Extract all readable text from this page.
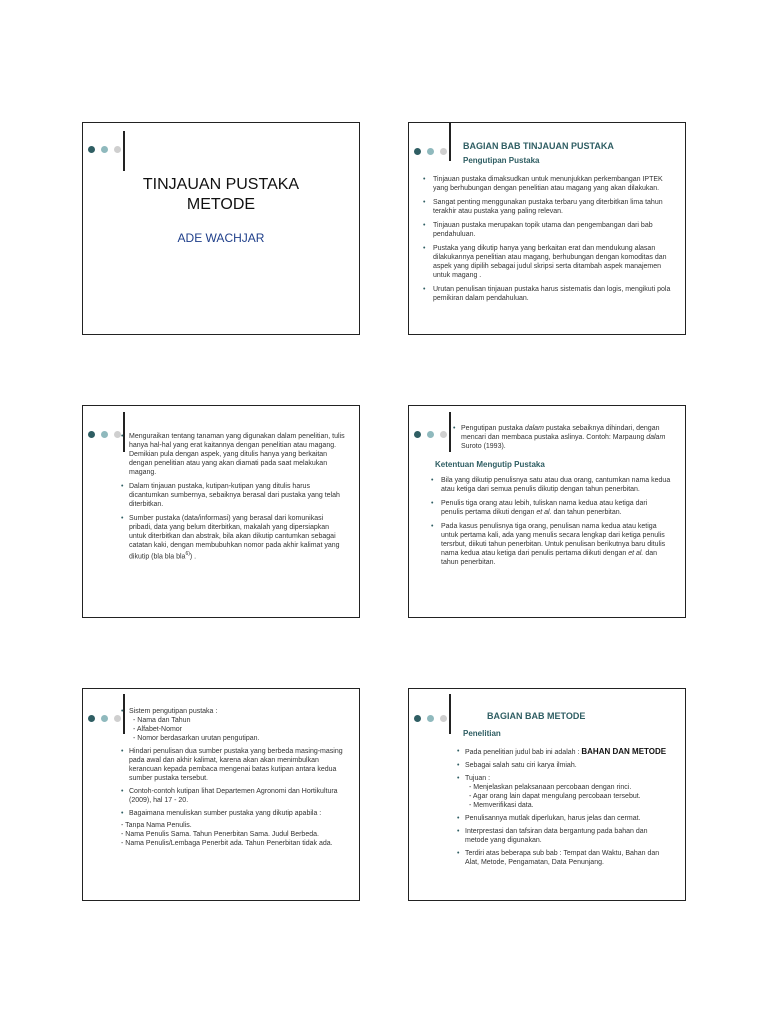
TINJAUAN PUSTAKA
METODE
ADE WACHJAR
BAGIAN BAB TINJAUAN PUSTAKA
Pengutipan Pustaka
• Tinjauan pustaka dimaksudkan untuk menunjukkan perkembangan IPTEK yang berhubungan dengan penelitian atau magang yang akan dilakukan.
• Sangat penting menggunakan pustaka terbaru yang diterbitkan lima tahun terakhir atau pustaka yang paling relevan.
• Tinjauan pustaka merupakan topik utama dan pengembangan dari bab pendahuluan.
• Pustaka yang dikutip hanya yang berkaitan erat dan mendukung alasan dilakukannya penelitian atau magang, berhubungan dengan komoditas dan aspek yang dipilih sebagai judul skripsi serta ditambah aspek manajemen untuk magang .
• Urutan penulisan tinjauan pustaka harus sistematis dan logis, mengikuti pola pemikiran dalam pendahuluan.
• Menguraikan tentang tanaman yang digunakan dalam penelitian, tulis hanya hal-hal yang erat kaitannya dengan penelitian atau magang. Demikian pula dengan aspek, yang ditulis hanya yang berkaitan dengan penelitian atau yang akan diamati pada saat melakukan magang.
• Dalam tinjauan pustaka, kutipan-kutipan yang ditulis harus dicantumkan sumbernya, sebaiknya berasal dari pustaka yang telah diterbitkan.
• Sumber pustaka (data/informasi) yang berasal dari komunikasi pribadi, data yang belum diterbitkan, makalah yang dipersiapkan untuk diterbitkan dan abstrak, bila akan dikutip cantumkan sebagai catatan kaki, dengan membubuhkan nomor pada akhir kalimat yang dikutip (bla bla bla$^{6)}$) .
• Pengutipan pustaka dalam pustaka sebaiknya dihindari, dengan mencari dan membaca pustaka aslinya. Contoh: Marpaung dalam Suroto (1993).
Ketentuan Mengutip Pustaka
• Bila yang dikutip penulisnya satu atau dua orang, cantumkan nama kedua atau ketiga dari semua penulis dikutip dengan tahun penerbitan.
• Penulis tiga orang atau lebih, tuliskan nama kedua atau ketiga dari penulis pertama dikuti dengan et al. dan tahun penerbitan.
• Pada kasus penulisnya tiga orang, penulisan nama kedua atau ketiga untuk pertama kali, ada yang menulis secara lengkap dari ketiga penulis tersrbut, diikuti tahun penerbitan. Untuk penulisan berikutnya baru ditulis nama kedua atau ketiga dari penulis pertama diikuti dengan et al. dan tahun penerbitan.
• Sistem pengutipan pustaka :
- Nama dan Tahun
- Alfabet-Nomor
- Nomor berdasarkan urutan pengutipan.
• Hindari penulisan dua sumber pustaka yang berbeda masing-masing pada awal dan akhir kalimat, karena akan akan menimbulkan kerancuan kepada pembaca mengenai batas kutipan antara kedua sumber pustaka tersebut.
• Contoh-contoh kutipan lihat Departemen Agronomi dan Hortikultura (2009), hal 17 - 20.
• Bagaimana menuliskan sumber pustaka yang dikutip apabila :
- Tanpa Nama Penulis.
- Nama Penulis Sama. Tahun Penerbitan Sama. Judul Berbeda.
- Nama Penulis/Lembaga Penerbit ada. Tahun Penerbitan tidak ada.
BAGIAN BAB METODE
Penelitian
• Pada penelitian judul bab ini adalah : BAHAN DAN METODE
• Sebagai salah satu ciri karya ilmiah.
• Tujuan :
- Menjelaskan pelaksanaan percobaan dengan rinci.
- Agar orang lain dapat mengulang percobaan tersebut.
- Memverifikasi data.
• Penulisannya mutlak diperlukan, harus jelas dan cermat.
• Interprestasi dan tafsiran data bergantung pada bahan dan metode yang digunakan.
• Terdiri atas beberapa sub bab : Tempat dan Waktu, Bahan dan Alat, Metode, Pengamatan, Data Penunjang.
